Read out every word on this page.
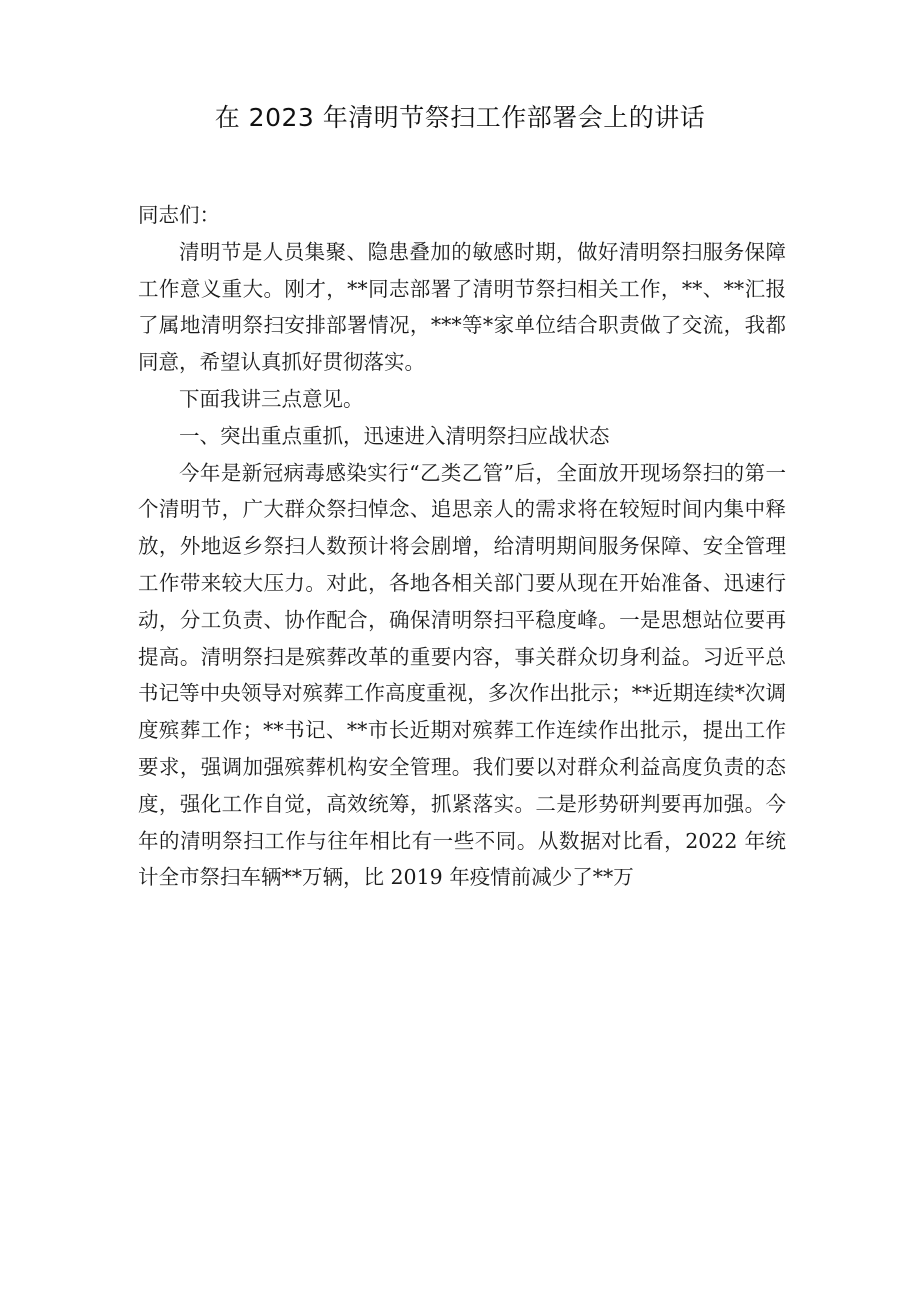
在 2023 年清明节祭扫工作部署会上的讲话

同志们：

清明节是人员集聚、隐患叠加的敏感时期，做好清明祭扫服务保障工作意义重大。刚才，**同志部署了清明节祭扫相关工作，**、**汇报了属地清明祭扫安排部署情况，***等*家单位结合职责做了交流，我都同意，希望认真抓好贯彻落实。

下面我讲三点意见。

一、突出重点重抓，迅速进入清明祭扫应战状态

今年是新冠病毒感染实行“乙类乙管”后，全面放开现场祭扫的第一个清明节，广大群众祭扫悼念、追思亲人的需求将在较短时间内集中释放，外地返乡祭扫人数预计将会剧增，给清明期间服务保障、安全管理工作带来较大压力。对此，各地各相关部门要从现在开始准备、迅速行动，分工负责、协作配合，确保清明祭扫平稳度峰。一是思想站位要再提高。清明祭扫是殡葬改革的重要内容，事关群众切身利益。习近平总书记等中央领导对殡葬工作高度重视，多次作出批示；**近期连续*次调度殡葬工作；**书记、**市长近期对殡葬工作连续作出批示，提出工作要求，强调加强殡葬机构安全管理。我们要以对群众利益高度负责的态度，强化工作自觉，高效统筹，抓紧落实。二是形势研判要再加强。今年的清明祭扫工作与往年相比有一些不同。从数据对比看，2022 年统计全市祭扫车辆**万辆，比 2019 年疫情前减少了**万
